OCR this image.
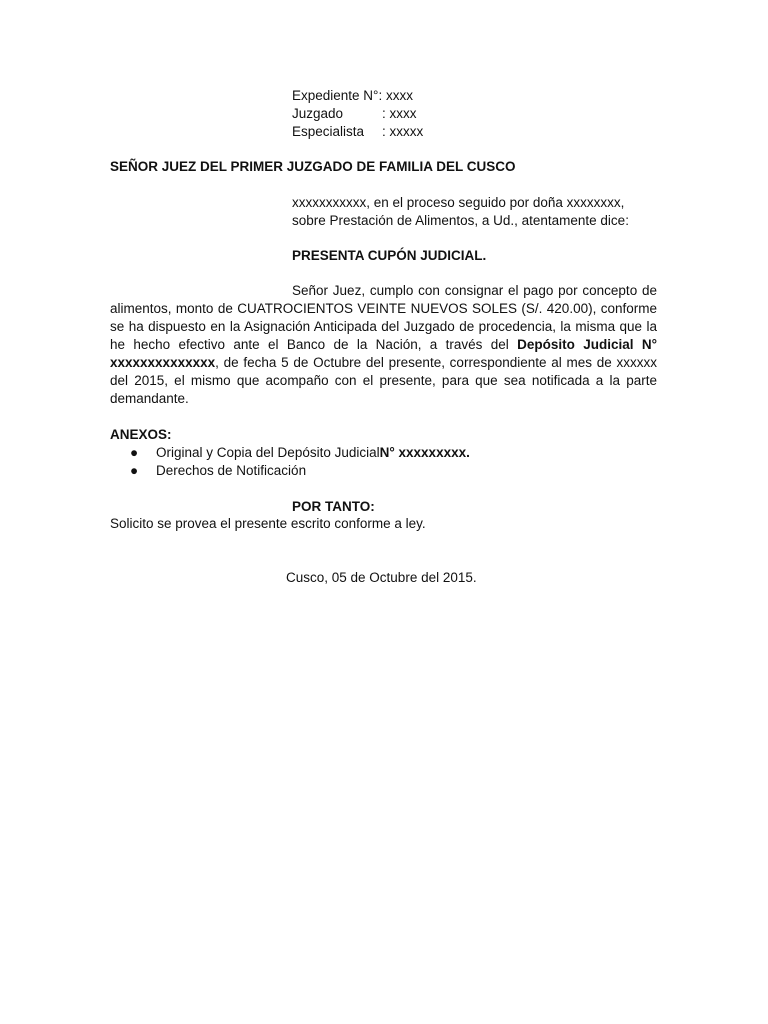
Expediente N° : xxxx
Juzgado	: xxxx
Especialista	: xxxxx
SEÑOR JUEZ DEL PRIMER JUZGADO DE FAMILIA DEL CUSCO

xxxxxxxxxxx, en el proceso seguido por doña xxxxxxxx,

sobre Prestación de Alimentos, a Ud., atentamente dice:

PRESENTA CUPÓN JUDICIAL.

Señor Juez, cumplo con consignar el pago por concepto de alimentos, monto de CUATROCIENTOS VEINTE NUEVOS SOLES (S/. 420.00), conforme se ha dispuesto en la Asignación Anticipada del Juzgado de procedencia, la misma que la he hecho efectivo ante el Banco de la Nación, a través del Depósito Judicial N° xxxxxxxxxxxxxx, de fecha 5 de Octubre del presente, correspondiente al mes de xxxxxx del 2015, el mismo que acompaño con el presente, para que sea notificada a la parte demandante.

ANEXOS:
●	Original y Copia del Depósito Judicial N° xxxxxxxxx.
●	Derechos de Notificación
POR TANTO:
Solicito se provea el presente escrito conforme a ley.
Cusco, 05 de Octubre del 2015.
